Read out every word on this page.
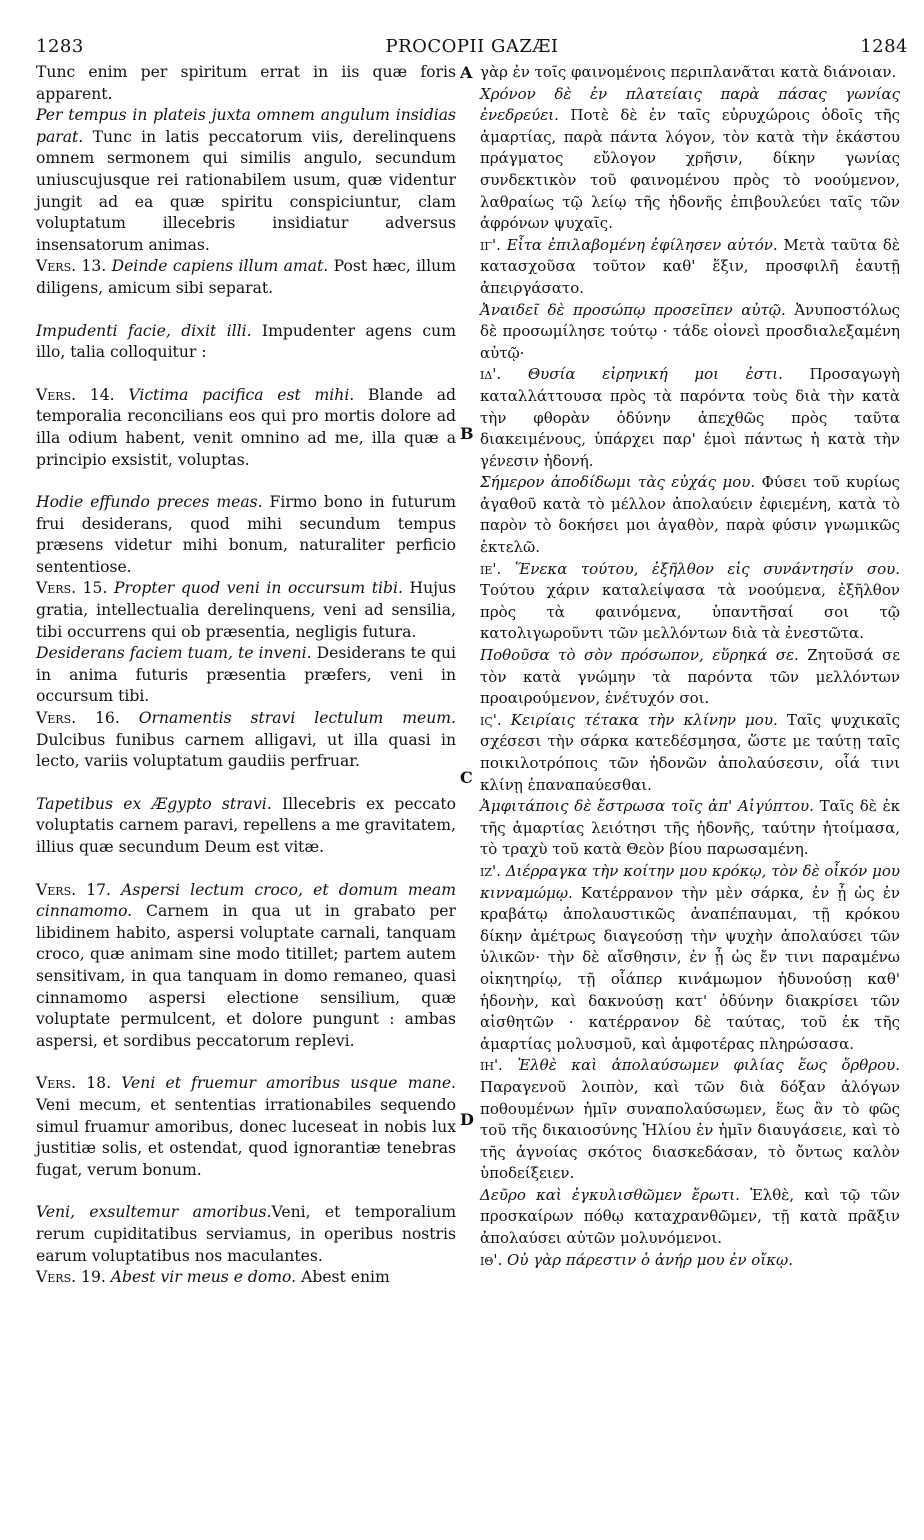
1283	PROCOPII GAZÆI	1284

Tunc enim per spiritum errat in iis quæ foris apparent.

Per tempus in plateis juxta omnem angulum insidias parat. Tunc in latis peccatorum viis, derelinquens omnem sermonem qui similis angulo, secundum uniuscujusque rei rationabilem usum, quæ videntur jungit ad ea quæ spiritu conspiciuntur, clam voluptatum illecebris insidiatur adversus insensatorum animas.

Vers. 13. Deinde capiens illum amat. Post hæc, illum diligens, amicum sibi separat.

Impudenti facie, dixit illi. Impudenter agens cum illo, talia colloquitur :

Vers. 14. Victima pacifica est mihi. Blande ad temporalia reconcilians eos qui pro mortis dolore ad illa odium habent, venit omnino ad me, illa quæ a principio exsistit, voluptas.

Hodie effundo preces meas. Firmo bono in futurum frui desiderans, quod mihi secundum tempus præsens videtur mihi bonum, naturaliter perficio sententiose.

Vers. 15. Propter quod veni in occursum tibi. Hujus gratia, intellectualia derelinquens, veni ad sensilia, tibi occurrens qui ob præsentia, negligis futura.

Desiderans faciem tuam, te inveni. Desiderans te qui in anima futuris præsentia præfers, veni in occursum tibi.

Vers. 16. Ornamentis stravi lectulum meum. Dulcibus funibus carnem alligavi, ut illa quasi in lecto, variis voluptatum gaudiis perfruar.

Tapetibus ex Ægypto stravi. Illecebris ex peccato voluptatis carnem paravi, repellens a me gravitatem, illius quæ secundum Deum est vitæ.

Vers. 17. Aspersi lectum croco, et domum meam cinnamomo. Carnem in qua ut in grabato per libidinem habito, aspersi voluptate carnali, tanquam croco, quæ animam sine modo titillet; partem autem sensitivam, in qua tanquam in domo remaneo, quasi cinnamomo aspersi electione sensilium, quæ voluptate permulcent, et dolore pungunt : ambas aspersi, et sordibus peccatorum replevi.

Vers. 18. Veni et fruemur amoribus usque mane. Veni mecum, et sententias irrationabiles sequendo simul fruamur amoribus, donec luceseat in nobis lux justitiæ solis, et ostendat, quod ignorantiæ tenebras fugat, verum bonum.

Veni, exsultemur amoribus.Veni, et temporalium rerum cupiditatibus serviamus, in operibus nostris earum voluptatibus nos maculantes.

Vers. 19. Abest vir meus e domo. Abest enim

γὰρ ἐν τοῖς φαινομένοις περιπλανᾶται κατὰ διάνοιαν.

Χρόνον δὲ ἐν πλατείαις παρὰ πάσας γωνίας ἐνεδρεύει. Ποτὲ δὲ ἐν ταῖς εὐρυχώροις ὁδοῖς τῆς ἁμαρτίας, παρὰ πάντα λόγον, τὸν κατὰ τὴν ἑκάστου πράγματος εὔλογον χρῆσιν, δίκην γωνίας συνδεκτικὸν τοῦ φαινομένου πρὸς τὸ νοούμενον, λαθραίως τῷ λείῳ τῆς ἡδονῆς ἐπιβουλεύει ταῖς τῶν ἀφρόνων ψυχαῖς.

ιγ'. Εἶτα ἐπιλαβομένη ἐφίλησεν αὐτόν. Μετὰ ταῦτα δὲ κατασχοῦσα τοῦτον καθ' ἕξιν, προσφιλῆ ἑαυτῇ ἀπειργάσατο.

Ἀναιδεῖ δὲ προσώπῳ προσεῖπεν αὐτῷ. Ἀνυποστόλως δὲ προσωμίλησε τούτῳ · τάδε οἱονεὶ προσδιαλεξαμένη αὐτῷ·

ιδ'. Θυσία εἰρηνική μοι ἐστι. Προσαγωγὴ καταλλάττουσα πρὸς τὰ παρόντα τοὺς διὰ τὴν κατὰ τὴν φθορὰν ὀδύνην ἀπεχθῶς πρὸς ταῦτα διακειμένους, ὑπάρχει παρ' ἐμοὶ πάντως ἡ κατὰ τὴν γένεσιν ἡδονή.

Σήμερον ἀποδίδωμι τὰς εὐχάς μου. Φύσει τοῦ κυρίως ἀγαθοῦ κατὰ τὸ μέλλον ἀπολαύειν ἐφιεμένη, κατὰ τὸ παρὸν τὸ δοκήσει μοι ἀγαθὸν, παρὰ φύσιν γνωμικῶς ἐκτελῶ.

ιε'. Ἕνεκα τούτου, ἐξῆλθον εἰς συνάντησίν σου. Τούτου χάριν καταλείψασα τὰ νοούμενα, ἐξῆλθον πρὸς τὰ φαινόμενα, ὑπαντῆσαί σοι τῷ κατολιγωροῦντι τῶν μελλόντων διὰ τὰ ἐνεστῶτα.

Ποθοῦσα τὸ σὸν πρόσωπον, εὕρηκά σε. Ζητοῦσά σε τὸν κατὰ γνώμην τὰ παρόντα τῶν μελλόντων προαιρούμενον, ἐνέτυχόν σοι.

ιϛ'. Κειρίαις τέτακα τὴν κλίνην μου. Ταῖς ψυχικαῖς σχέσεσι τὴν σάρκα κατεδέσμησα, ὥστε με ταύτῃ ταῖς ποικιλοτρόποις τῶν ἡδονῶν ἀπολαύσεσιν, οἷά τινι κλίνῃ ἐπαναπαύεσθαι.

Ἀμφιτάποις δὲ ἔστρωσα τοῖς ἀπ' Αἰγύπτου. Ταῖς δὲ ἐκ τῆς ἁμαρτίας λειότησι τῆς ἡδονῆς, ταύτην ἡτοίμασα, τὸ τραχὺ τοῦ κατὰ Θεὸν βίου παρωσαμένη.

ιζ'. Διέρραγκα τὴν κοίτην μου κρόκῳ, τὸν δὲ οἶκόν μου κινναμώμῳ. Κατέρρανον τὴν μὲν σάρκα, ἐν ᾗ ὡς ἐν κραβάτῳ ἀπολαυστικῶς ἀναπέπαυμαι, τῇ κρόκου δίκην ἀμέτρως διαγεούσῃ τὴν ψυχὴν ἀπολαύσει τῶν ὑλικῶν· τὴν δὲ αἴσθησιν, ἐν ᾗ ὡς ἔν τινι παραμένω οἰκητηρίῳ, τῇ οἷάπερ κινάμωμον ἡδυνούσῃ καθ' ἡδονὴν, καὶ δακνούσῃ κατ' ὀδύνην διακρίσει τῶν αἰσθητῶν · κατέρρανον δὲ ταύτας, τοῦ ἐκ τῆς ἁμαρτίας μολυσμοῦ, καὶ ἀμφοτέρας πληρώσασα.

ιη'. Ἐλθὲ καὶ ἀπολαύσωμεν φιλίας ἕως ὄρθρου. Παραγενοῦ λοιπὸν, καὶ τῶν διὰ δόξαν ἀλόγων ποθουμένων ἡμῖν συναπολαύσωμεν, ἕως ἂν τὸ φῶς τοῦ τῆς δικαιοσύνης Ἡλίου ἐν ἡμῖν διαυγάσειε, καὶ τὸ τῆς ἀγνοίας σκότος διασκεδάσαν, τὸ ὄντως καλὸν ὑποδείξειεν.

Δεῦρο καὶ ἐγκυλισθῶμεν ἔρωτι. Ἐλθὲ, καὶ τῷ τῶν προσκαίρων πόθῳ καταχρανθῶμεν, τῇ κατὰ πρᾶξιν ἀπολαύσει αὐτῶν μολυνόμενοι.

ιθ'. Οὐ γὰρ πάρεστιν ὁ ἀνήρ μου ἐν οἴκῳ.

A
B
C
D
